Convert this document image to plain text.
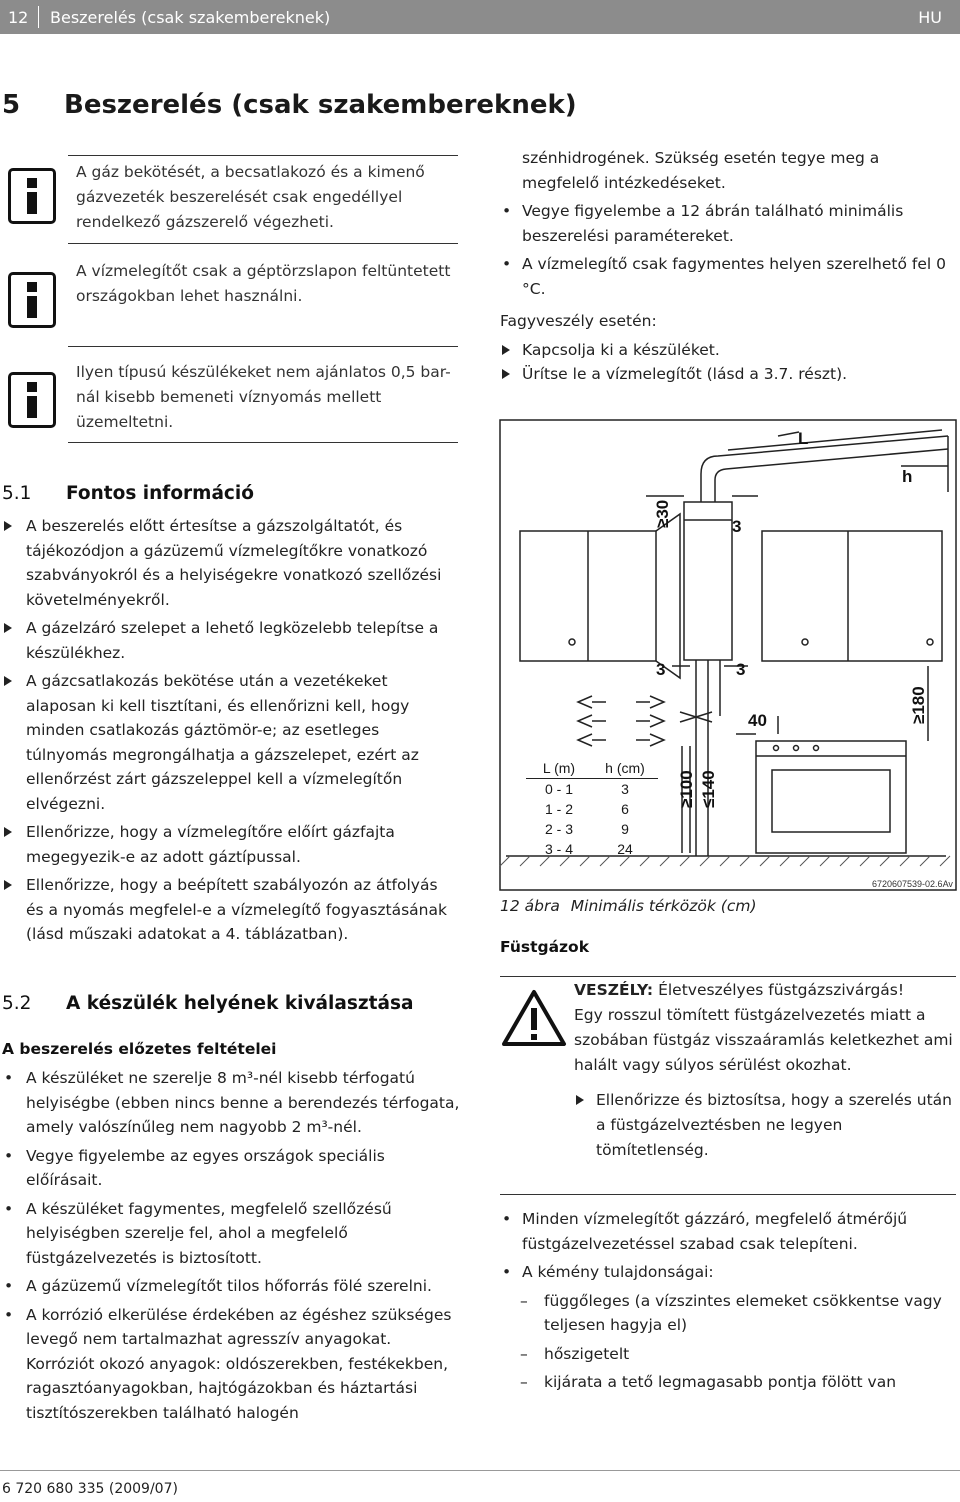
12 Beszerelés (csak szakembereknek)	HU
5 Beszerelés (csak szakembereknek)
A gáz bekötését, a becsatlakozó és a kimenő gázvezeték beszerelését csak engedéllyel rendelkező gázszerelő végezheti.
A vízmelegítőt csak a géptörzslapon feltüntetett országokban lehet használni.
Ilyen típusú készülékeket nem ajánlatos 0,5 bar-nál kisebb bemeneti víznyomás mellett üzemeltetni.
5.1 Fontos információ
A beszerelés előtt értesítse a gázszolgáltatót, és tájékozódjon a gázüzemű vízmelegítőkre vonatkozó szabványokról és a helyiségekre vonatkozó szellőzési követelményekről.
A gázelzáró szelepet a lehető legközelebb telepítse a készülékhez.
A gázcsatlakozás bekötése után a vezetékeket alaposan ki kell tisztítani, és ellenőrizni kell, hogy minden csatlakozás gáztömör-e; az esetleges túlnyomás megrongálhatja a gázszelepet, ezért az ellenőrzést zárt gázszeleppel kell a vízmelegítőn elvégezni.
Ellenőrizze, hogy a vízmelegítőre előírt gázfajta megegyezik-e az adott gáztípussal.
Ellenőrizze, hogy a beépített szabályozón az átfolyás és a nyomás megfelel-e a vízmelegítő fogyasztásának (lásd műszaki adatokat a 4. táblázatban).
5.2 A készülék helyének kiválasztása
A beszerelés előzetes feltételei
• A készüléket ne szerelje 8 m³-nél kisebb térfogatú helyiségbe (ebben nincs benne a berendezés térfogata, amely valószínűleg nem nagyobb 2 m³-nél.
• Vegye figyelembe az egyes országok speciális előírásait.
• A készüléket fagymentes, megfelelő szellőzésű helyiségben szerelje fel, ahol a megfelelő füstgázelvezetés is biztosított.
• A gázüzemű vízmelegítőt tilos hőforrás fölé szerelni.
• A korrózió elkerülése érdekében az égéshez szükséges levegő nem tartalmazhat agresszív anyagokat. Korróziót okozó anyagok: oldószerekben, festékekben, ragasztóanyagokban, hajtógázokban és háztartási tisztítószerekben található halogén
szénhidrogének. Szükség esetén tegye meg a megfelelő intézkedéseket.
• Vegye figyelembe a 12 ábrán található minimális beszerelési paramétereket.
• A vízmelegítő csak fagymentes helyen szerelhető fel 0 °C.
Fagyveszély esetén:
Kapcsolja ki a készüléket.
Ürítse le a vízmelegítőt (lásd a 3.7. részt).
L
h
≥30	3
3	3
40	≥180
≥100 ≤140
6720607539-02.6Av
L (m)	h (cm)
0 - 1	3
1 - 2	6
2 - 3	9
3 - 4	24
12 ábra Minimális térközök (cm)
Füstgázok
VESZÉLY: Életveszélyes füstgázszivárgás!
Egy rosszul tömített füstgázelvezetés miatt a szobában füstgáz visszaáramlás keletkezhet ami halált vagy súlyos sérülést okozhat.
Ellenőrizze és biztosítsa, hogy a szerelés után a füstgázelveztésben ne legyen tömítetlenség.
• Minden vízmelegítőt gázzáró, megfelelő átmérőjű füstgázelvezetéssel szabad csak telepíteni.
• A kémény tulajdonságai:
– függőleges (a vízszintes elemeket csökkentse vagy teljesen hagyja el)
– hőszigetelt
– kijárata a tető legmagasabb pontja fölött van
6 720 680 335 (2009/07)
